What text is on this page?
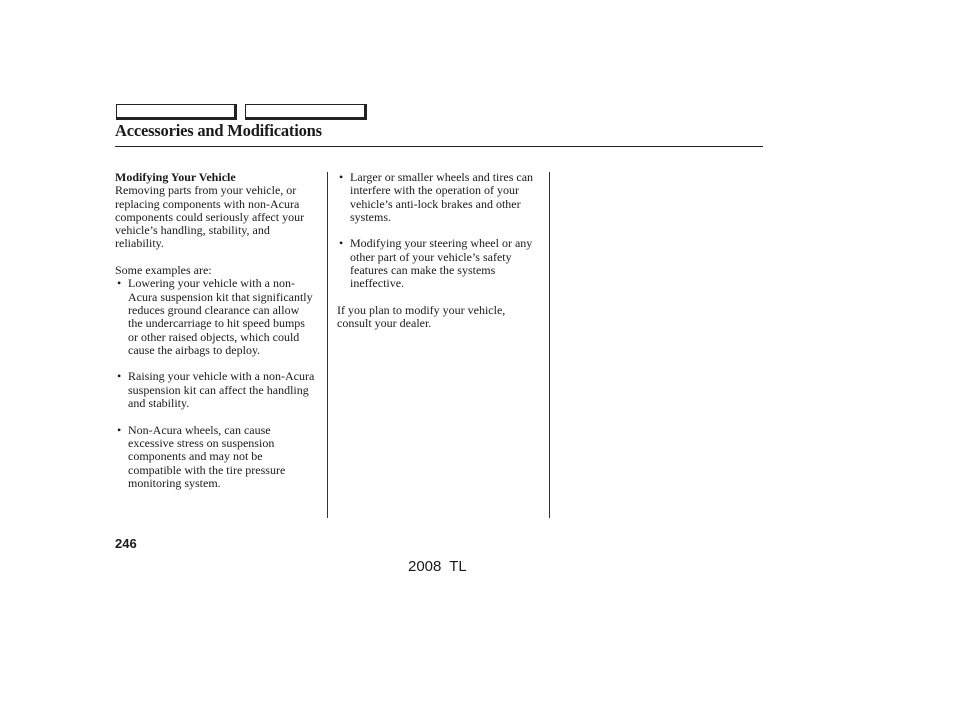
Accessories and Modifications

Modifying Your Vehicle

Removing parts from your vehicle, or replacing components with non-Acura components could seriously affect your vehicle’s handling, stability, and reliability.

Some examples are:

• Lowering your vehicle with a non-Acura suspension kit that significantly reduces ground clearance can allow the undercarriage to hit speed bumps or other raised objects, which could cause the airbags to deploy.
• Raising your vehicle with a non-Acura suspension kit can affect the handling and stability.
• Non-Acura wheels, can cause excessive stress on suspension components and may not be compatible with the tire pressure monitoring system.
• Larger or smaller wheels and tires can interfere with the operation of your vehicle’s anti-lock brakes and other systems.
• Modifying your steering wheel or any other part of your vehicle’s safety features can make the systems ineffective.

If you plan to modify your vehicle, consult your dealer.

246
2008 TL
